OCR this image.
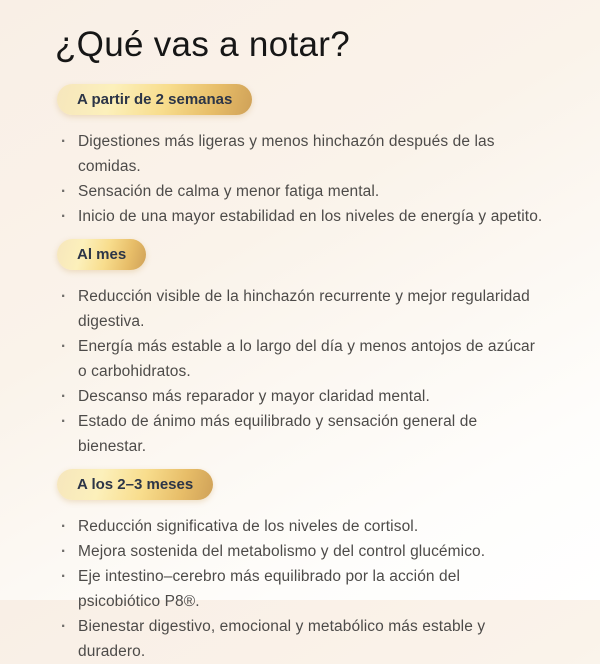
¿Qué vas a notar?
A partir de 2 semanas
· Digestiones más ligeras y menos hinchazón después de las comidas.
· Sensación de calma y menor fatiga mental.
· Inicio de una mayor estabilidad en los niveles de energía y apetito.
Al mes
· Reducción visible de la hinchazón recurrente y mejor regularidad digestiva.
· Energía más estable a lo largo del día y menos antojos de azúcar o carbohidratos.
· Descanso más reparador y mayor claridad mental.
· Estado de ánimo más equilibrado y sensación general de bienestar.
A los 2–3 meses
· Reducción significativa de los niveles de cortisol.
· Mejora sostenida del metabolismo y del control glucémico.
· Eje intestino–cerebro más equilibrado por la acción del psicobiótico P8®.
· Bienestar digestivo, emocional y metabólico más estable y duradero.
